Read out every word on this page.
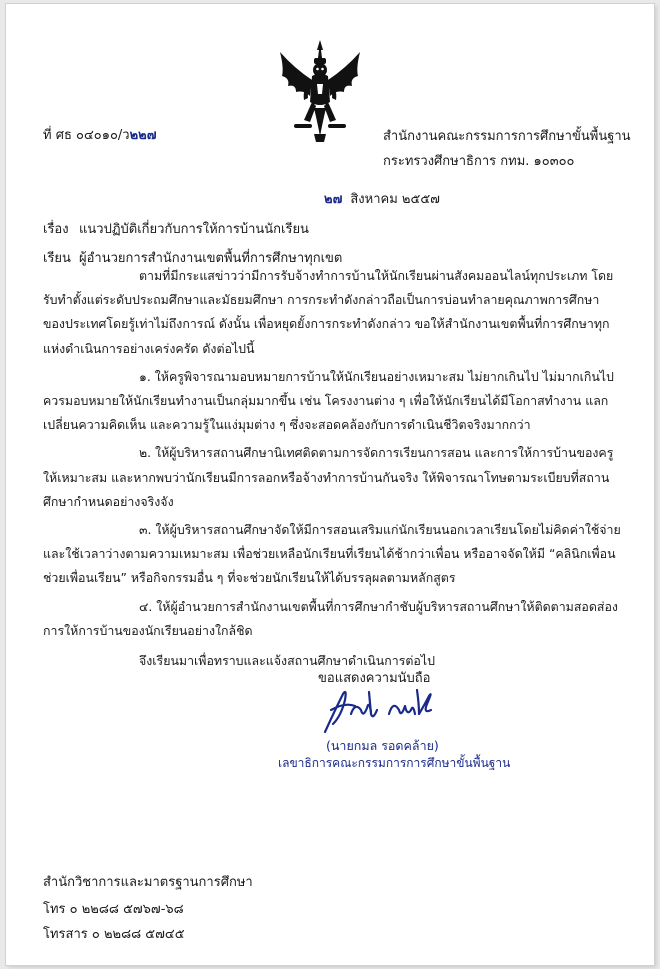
ที่ ศธ ๐๔๐๑๐/ว๒๒๗	สำนักงานคณะกรรมการการศึกษาขั้นพื้นฐาน
กระทรวงศึกษาธิการ กทม. ๑๐๓๐๐
๒๗ สิงหาคม ๒๕๕๗
เรื่อง แนวปฏิบัติเกี่ยวกับการให้การบ้านนักเรียน
เรียน ผู้อำนวยการสำนักงานเขตพื้นที่การศึกษาทุกเขต

ตามที่มีกระแสข่าวว่ามีการรับจ้างทำการบ้านให้นักเรียนผ่านสังคมออนไลน์ทุกประเภท โดยรับทำตั้งแต่ระดับประถมศึกษาและมัธยมศึกษา การกระทำดังกล่าวถือเป็นการบ่อนทำลายคุณภาพการศึกษาของประเทศโดยรู้เท่าไม่ถึงการณ์ ดังนั้น เพื่อหยุดยั้งการกระทำดังกล่าว ขอให้สำนักงานเขตพื้นที่การศึกษาทุกแห่งดำเนินการอย่างเคร่งครัด ดังต่อไปนี้

๑. ให้ครูพิจารณามอบหมายการบ้านให้นักเรียนอย่างเหมาะสม ไม่ยากเกินไป ไม่มากเกินไป ควรมอบหมายให้นักเรียนทำงานเป็นกลุ่มมากขึ้น เช่น โครงงานต่าง ๆ เพื่อให้นักเรียนได้มีโอกาสทำงาน แลกเปลี่ยนความคิดเห็น และความรู้ในแง่มุมต่าง ๆ ซึ่งจะสอดคล้องกับการดำเนินชีวิตจริงมากกว่า

๒. ให้ผู้บริหารสถานศึกษานิเทศติดตามการจัดการเรียนการสอน และการให้การบ้านของครูให้เหมาะสม และหากพบว่านักเรียนมีการลอกหรือจ้างทำการบ้านกันจริง ให้พิจารณาโทษตามระเบียบที่สถานศึกษากำหนดอย่างจริงจัง

๓. ให้ผู้บริหารสถานศึกษาจัดให้มีการสอนเสริมแก่นักเรียนนอกเวลาเรียนโดยไม่คิดค่าใช้จ่าย และใช้เวลาว่างตามความเหมาะสม เพื่อช่วยเหลือนักเรียนที่เรียนได้ช้ากว่าเพื่อน หรืออาจจัดให้มี “คลินิกเพื่อนช่วยเพื่อนเรียน” หรือกิจกรรมอื่น ๆ ที่จะช่วยนักเรียนให้ได้บรรลุผลตามหลักสูตร

๔. ให้ผู้อำนวยการสำนักงานเขตพื้นที่การศึกษากำชับผู้บริหารสถานศึกษาให้ติดตามสอดส่องการให้การบ้านของนักเรียนอย่างใกล้ชิด

จึงเรียนมาเพื่อทราบและแจ้งสถานศึกษาดำเนินการต่อไป

ขอแสดงความนับถือ
(นายกมล รอดคล้าย)
เลขาธิการคณะกรรมการการศึกษาขั้นพื้นฐาน
สำนักวิชาการและมาตรฐานการศึกษา
โทร ๐ ๒๒๘๘ ๕๗๖๗-๖๘
โทรสาร ๐ ๒๒๘๘ ๕๗๔๕
